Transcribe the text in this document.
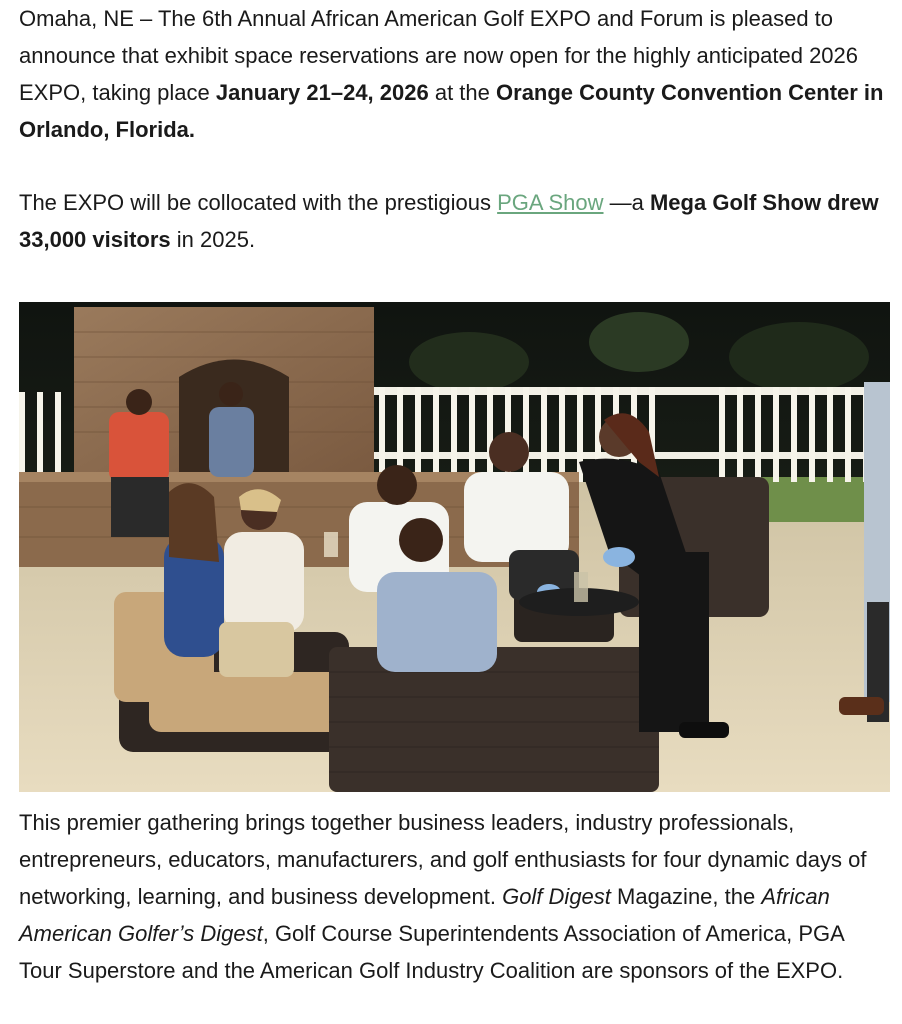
Omaha, NE – The 6th Annual African American Golf EXPO and Forum is pleased to announce that exhibit space reservations are now open for the highly anticipated 2026 EXPO, taking place January 21–24, 2026 at the Orange County Convention Center in Orlando, Florida.

The EXPO will be collocated with the prestigious PGA Show —a Mega Golf Show drew 33,000 visitors in 2025.

This premier gathering brings together business leaders, industry professionals, entrepreneurs, educators, manufacturers, and golf enthusiasts for four dynamic days of networking, learning, and business development. Golf Digest Magazine, the African American Golfer’s Digest, Golf Course Superintendents Association of America, PGA Tour Superstore and the American Golf Industry Coalition are sponsors of the EXPO.
